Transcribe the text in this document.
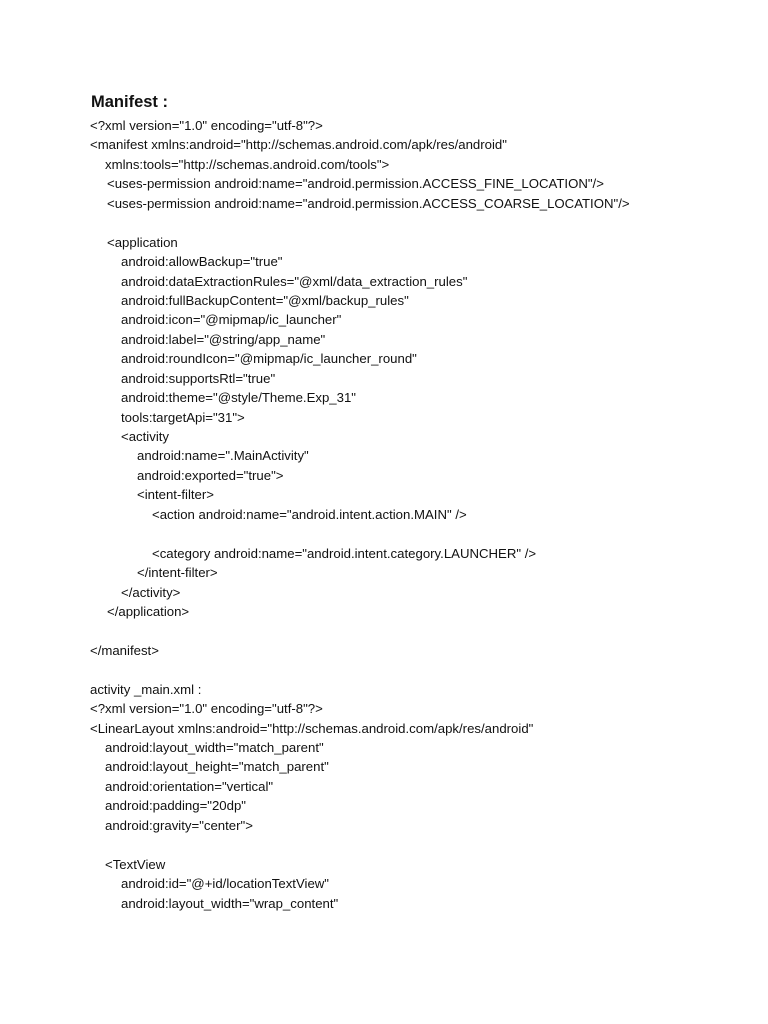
Manifest :
<?xml version="1.0" encoding="utf-8"?>
<manifest xmlns:android="http://schemas.android.com/apk/res/android"
xmlns:tools="http://schemas.android.com/tools">
<uses-permission android:name="android.permission.ACCESS_FINE_LOCATION"/>
<uses-permission android:name="android.permission.ACCESS_COARSE_LOCATION"/>
<application
android:allowBackup="true"
android:dataExtractionRules="@xml/data_extraction_rules"
android:fullBackupContent="@xml/backup_rules"
android:icon="@mipmap/ic_launcher"
android:label="@string/app_name"
android:roundIcon="@mipmap/ic_launcher_round"
android:supportsRtl="true"
android:theme="@style/Theme.Exp_31"
tools:targetApi="31">
<activity
android:name=".MainActivity"
android:exported="true">
<intent-filter>
<action android:name="android.intent.action.MAIN" />
<category android:name="android.intent.category.LAUNCHER" />
</intent-filter>
</activity>
</application>
</manifest>
activity _main.xml :
<?xml version="1.0" encoding="utf-8"?>
<LinearLayout xmlns:android="http://schemas.android.com/apk/res/android"
android:layout_width="match_parent"
android:layout_height="match_parent"
android:orientation="vertical"
android:padding="20dp"
android:gravity="center">
<TextView
android:id="@+id/locationTextView"
android:layout_width="wrap_content"
